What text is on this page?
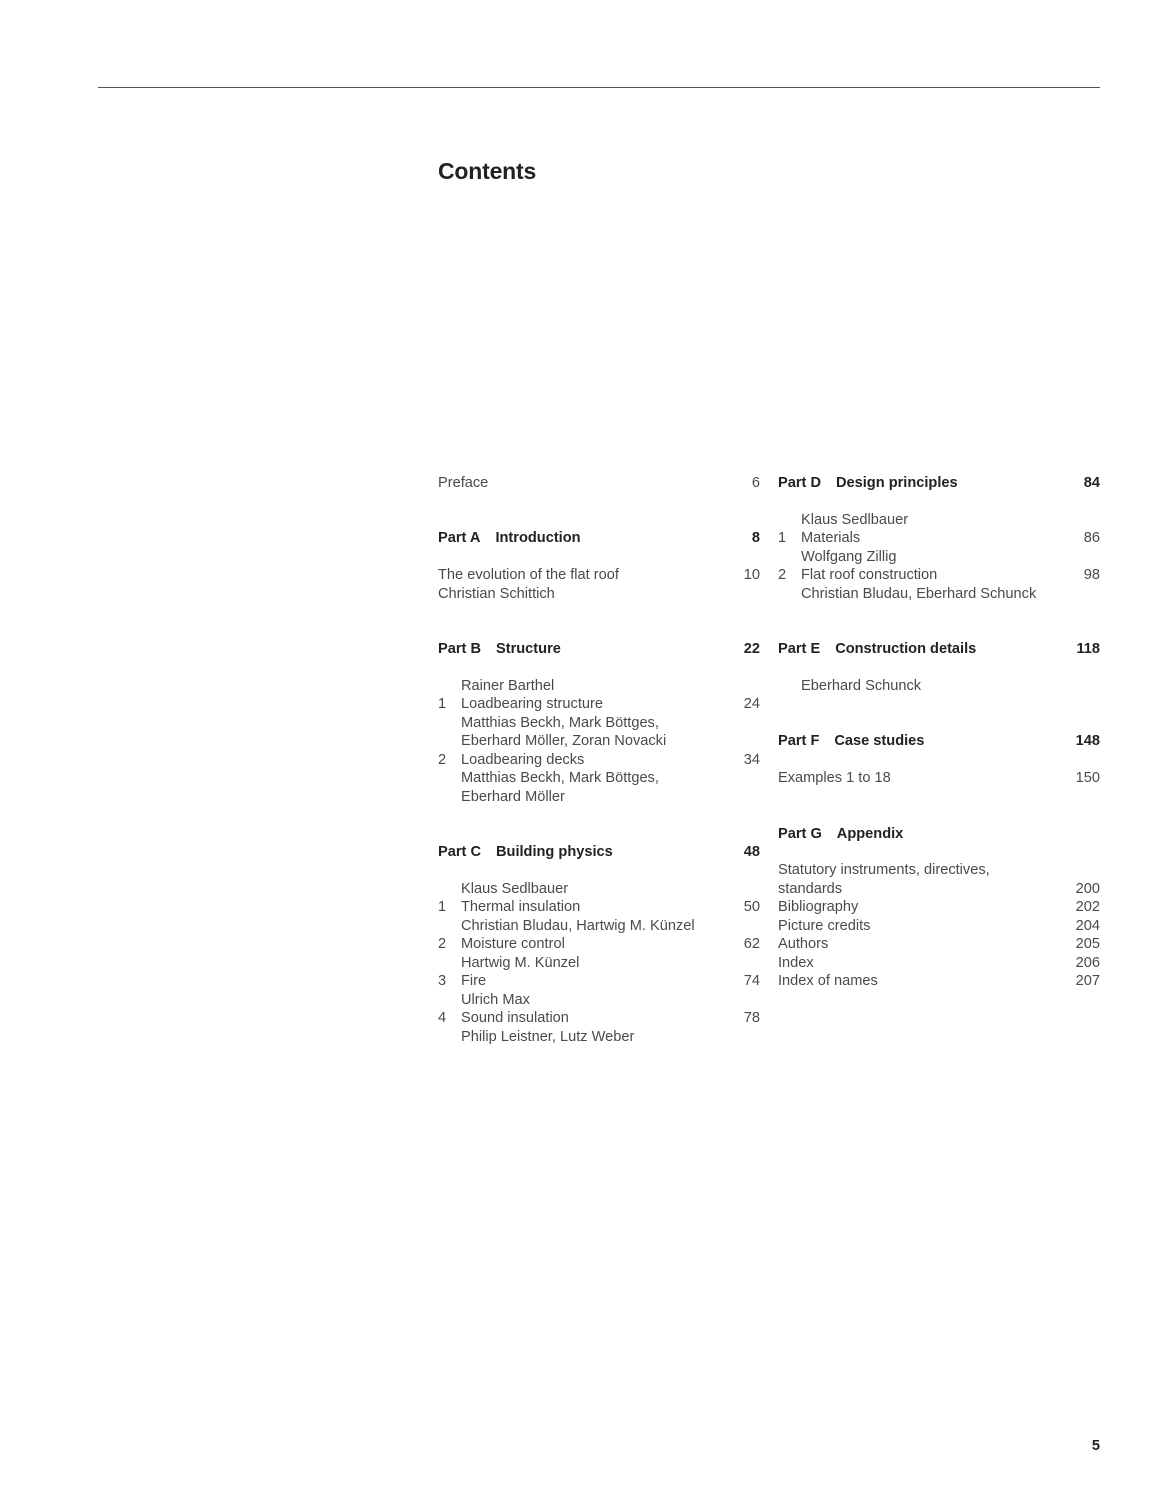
Contents
Preface	6
Part A Introduction	8
The evolution of the flat roof	10
Christian Schittich
Part B Structure	22
Rainer Barthel
1 Loadbearing structure	24
Matthias Beckh, Mark Böttges,
Eberhard Möller, Zoran Novacki
2 Loadbearing decks	34
Matthias Beckh, Mark Böttges,
Eberhard Möller
Part C Building physics	48
Klaus Sedlbauer
1 Thermal insulation	50
Christian Bludau, Hartwig M. Künzel
2 Moisture control	62
Hartwig M. Künzel
3 Fire	74
Ulrich Max
4 Sound insulation	78
Philip Leistner, Lutz Weber
Part D Design principles	84
Klaus Sedlbauer
1 Materials	86
Wolfgang Zillig
2 Flat roof construction	98
Christian Bludau, Eberhard Schunck
Part E Construction details	118
Eberhard Schunck
Part F Case studies	148
Examples 1 to 18	150
Part G Appendix
Statutory instruments, directives,
standards	200
Bibliography	202
Picture credits	204
Authors	205
Index	206
Index of names	207
5
